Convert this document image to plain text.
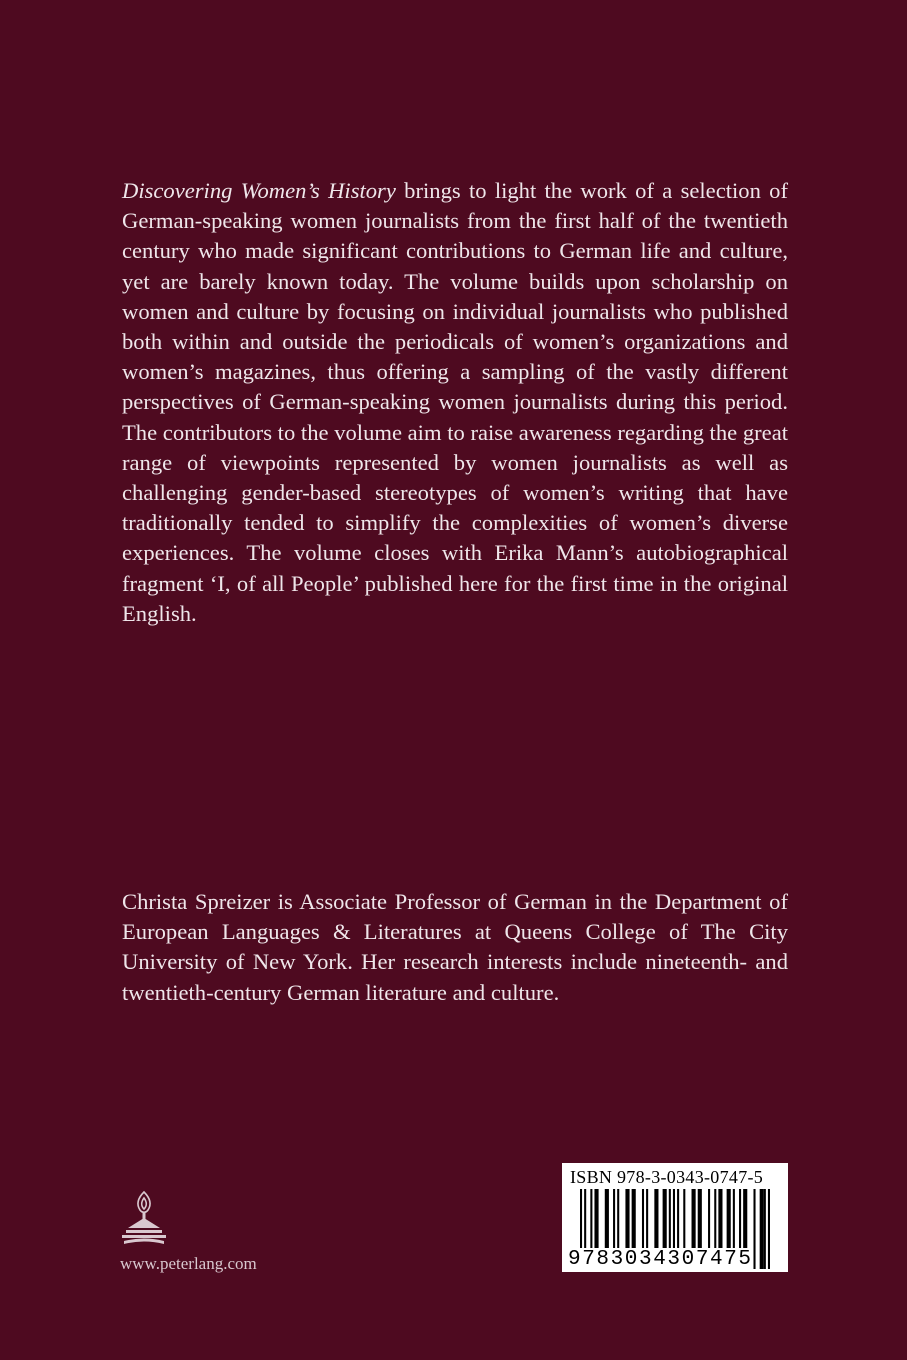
Discovering Women’s History brings to light the work of a selection of German-speaking women journalists from the first half of the twentieth century who made significant contributions to German life and culture, yet are barely known today. The volume builds upon scholarship on women and culture by focusing on individual journalists who published both within and outside the periodicals of women’s organizations and women’s magazines, thus offering a sampling of the vastly different perspectives of German-speaking women journalists during this period. The contributors to the volume aim to raise awareness regarding the great range of viewpoints represented by women journalists as well as challenging gender-based stereotypes of women’s writing that have traditionally tended to simplify the complexities of women’s diverse experiences. The volume closes with Erika Mann’s autobiographical fragment ‘I, of all People’ published here for the first time in the original English.

Christa Spreizer is Associate Professor of German in the Department of European Languages & Literatures at Queens College of The City University of New York. Her research interests include nineteenth- and twentieth-century German literature and culture.

www.peterlang.com
ISBN 978-3-0343-0747-5
9783034307475
